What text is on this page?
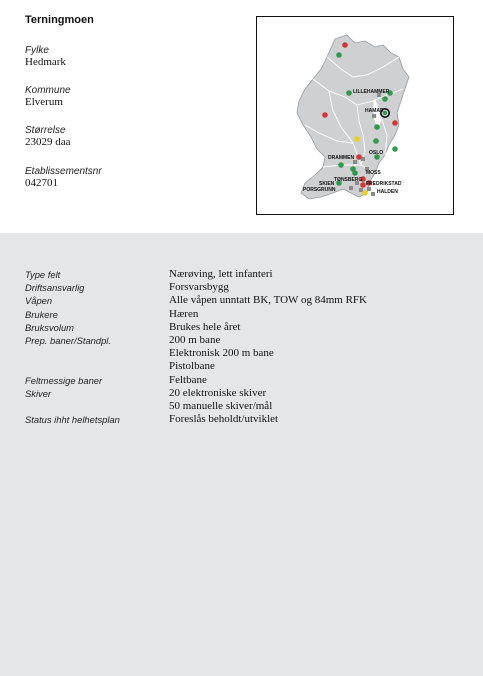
Terningmoen
Fylke
Hedmark
Kommune
Elverum
Størrelse
23029 daa
Etablissementsnr
042701
LILLEHAMMER
HAMAR
OSLO
DRAMMEN
MOSS
TØNSBERG
FREDRIKSTAD
SKIEN
PORSGRUNN	HALDEN
Type felt	Nærøving, lett infanteri
Driftsansvarlig	Forsvarsbygg
Våpen	Alle våpen unntatt BK, TOW og 84mm RFK
Brukere	Hæren
Bruksvolum	Brukes hele året
Prep. baner/Standpl.	200 m bane
Elektronisk 200 m bane
Pistolbane
Feltmessige baner	Feltbane
Skiver	20 elektroniske skiver
50 manuelle skiver/mål
Status ihht helhetsplan	Foreslås beholdt/utviklet
